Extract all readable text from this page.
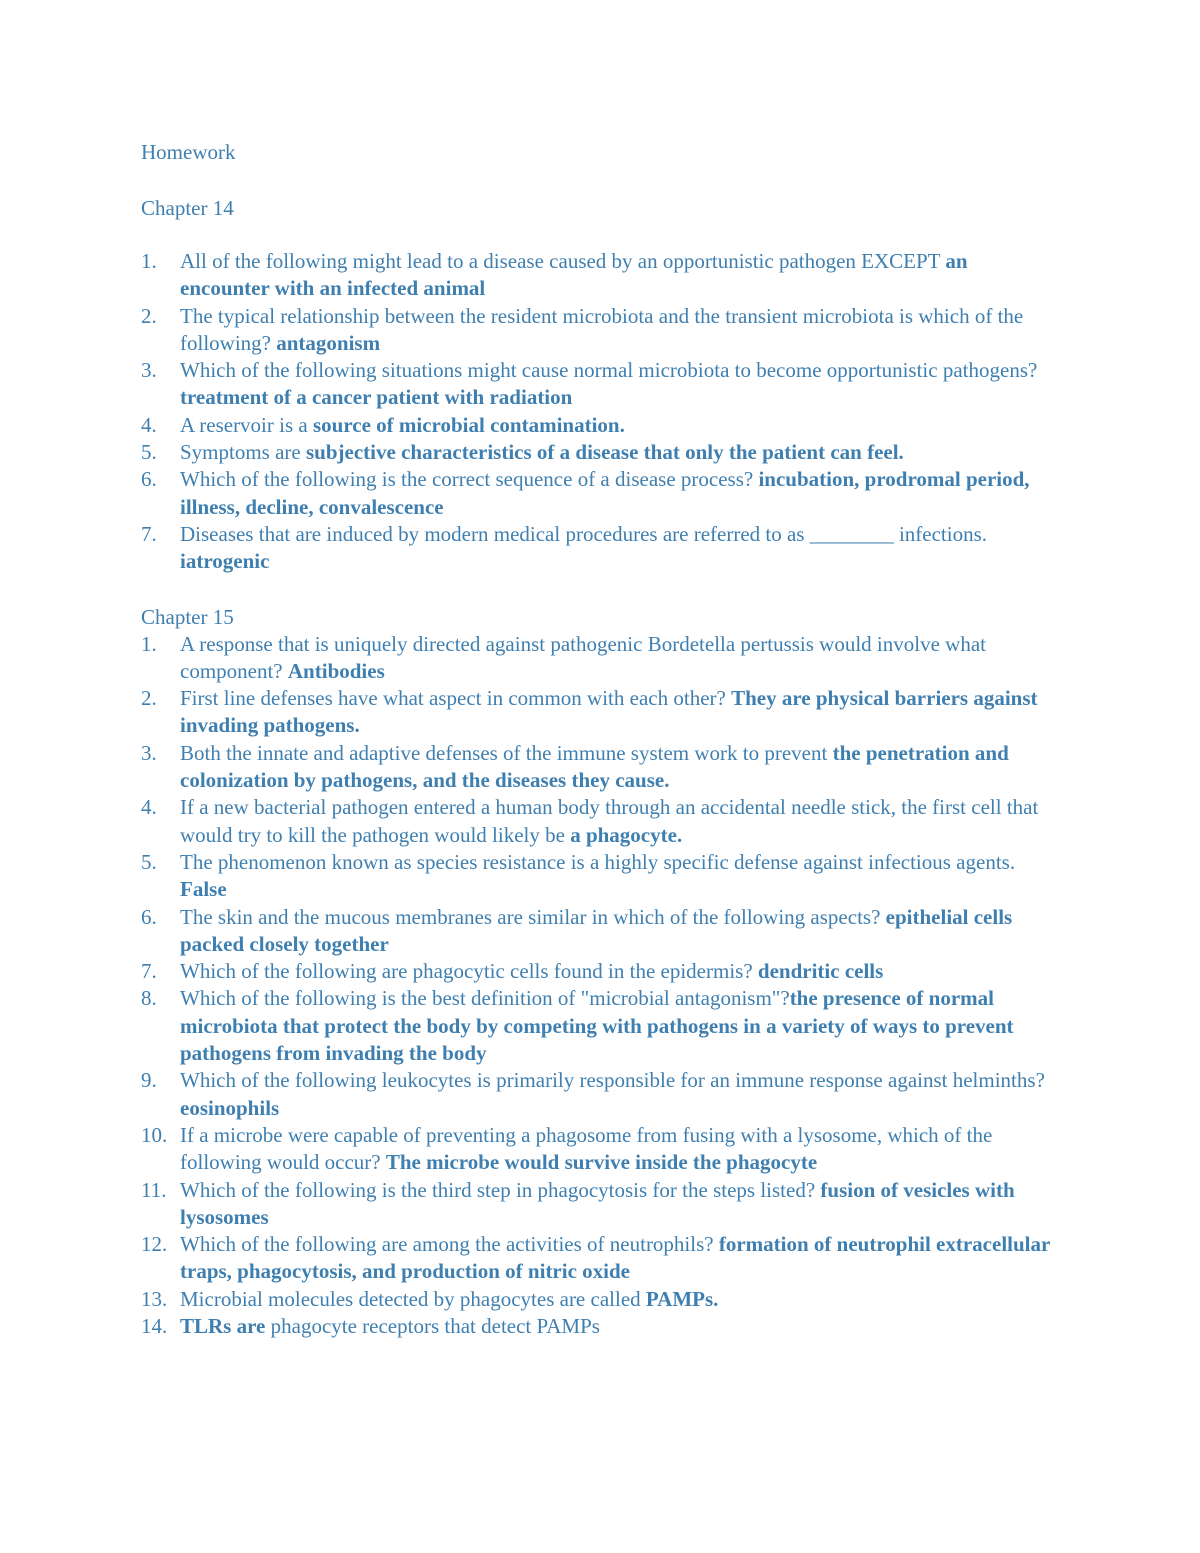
Homework

Chapter 14

1. All of the following might lead to a disease caused by an opportunistic pathogen EXCEPT an encounter with an infected animal
2. The typical relationship between the resident microbiota and the transient microbiota is which of the following? antagonism
3. Which of the following situations might cause normal microbiota to become opportunistic pathogens? treatment of a cancer patient with radiation
4. A reservoir is a source of microbial contamination.
5. Symptoms are subjective characteristics of a disease that only the patient can feel.
6. Which of the following is the correct sequence of a disease process? incubation, prodromal period, illness, decline, convalescence
7. Diseases that are induced by modern medical procedures are referred to as ________ infections. iatrogenic

Chapter 15

1. A response that is uniquely directed against pathogenic Bordetella pertussis would involve what component? Antibodies
2. First line defenses have what aspect in common with each other? They are physical barriers against invading pathogens.
3. Both the innate and adaptive defenses of the immune system work to prevent the penetration and colonization by pathogens, and the diseases they cause.
4. If a new bacterial pathogen entered a human body through an accidental needle stick, the first cell that would try to kill the pathogen would likely be a phagocyte.
5. The phenomenon known as species resistance is a highly specific defense against infectious agents. False
6. The skin and the mucous membranes are similar in which of the following aspects? epithelial cells packed closely together
7. Which of the following are phagocytic cells found in the epidermis? dendritic cells
8. Which of the following is the best definition of "microbial antagonism"?the presence of normal microbiota that protect the body by competing with pathogens in a variety of ways to prevent pathogens from invading the body
9. Which of the following leukocytes is primarily responsible for an immune response against helminths? eosinophils
10. If a microbe were capable of preventing a phagosome from fusing with a lysosome, which of the following would occur? The microbe would survive inside the phagocyte
11. Which of the following is the third step in phagocytosis for the steps listed? fusion of vesicles with lysosomes
12. Which of the following are among the activities of neutrophils? formation of neutrophil extracellular traps, phagocytosis, and production of nitric oxide
13. Microbial molecules detected by phagocytes are called PAMPs.
14. TLRs are phagocyte receptors that detect PAMPs
